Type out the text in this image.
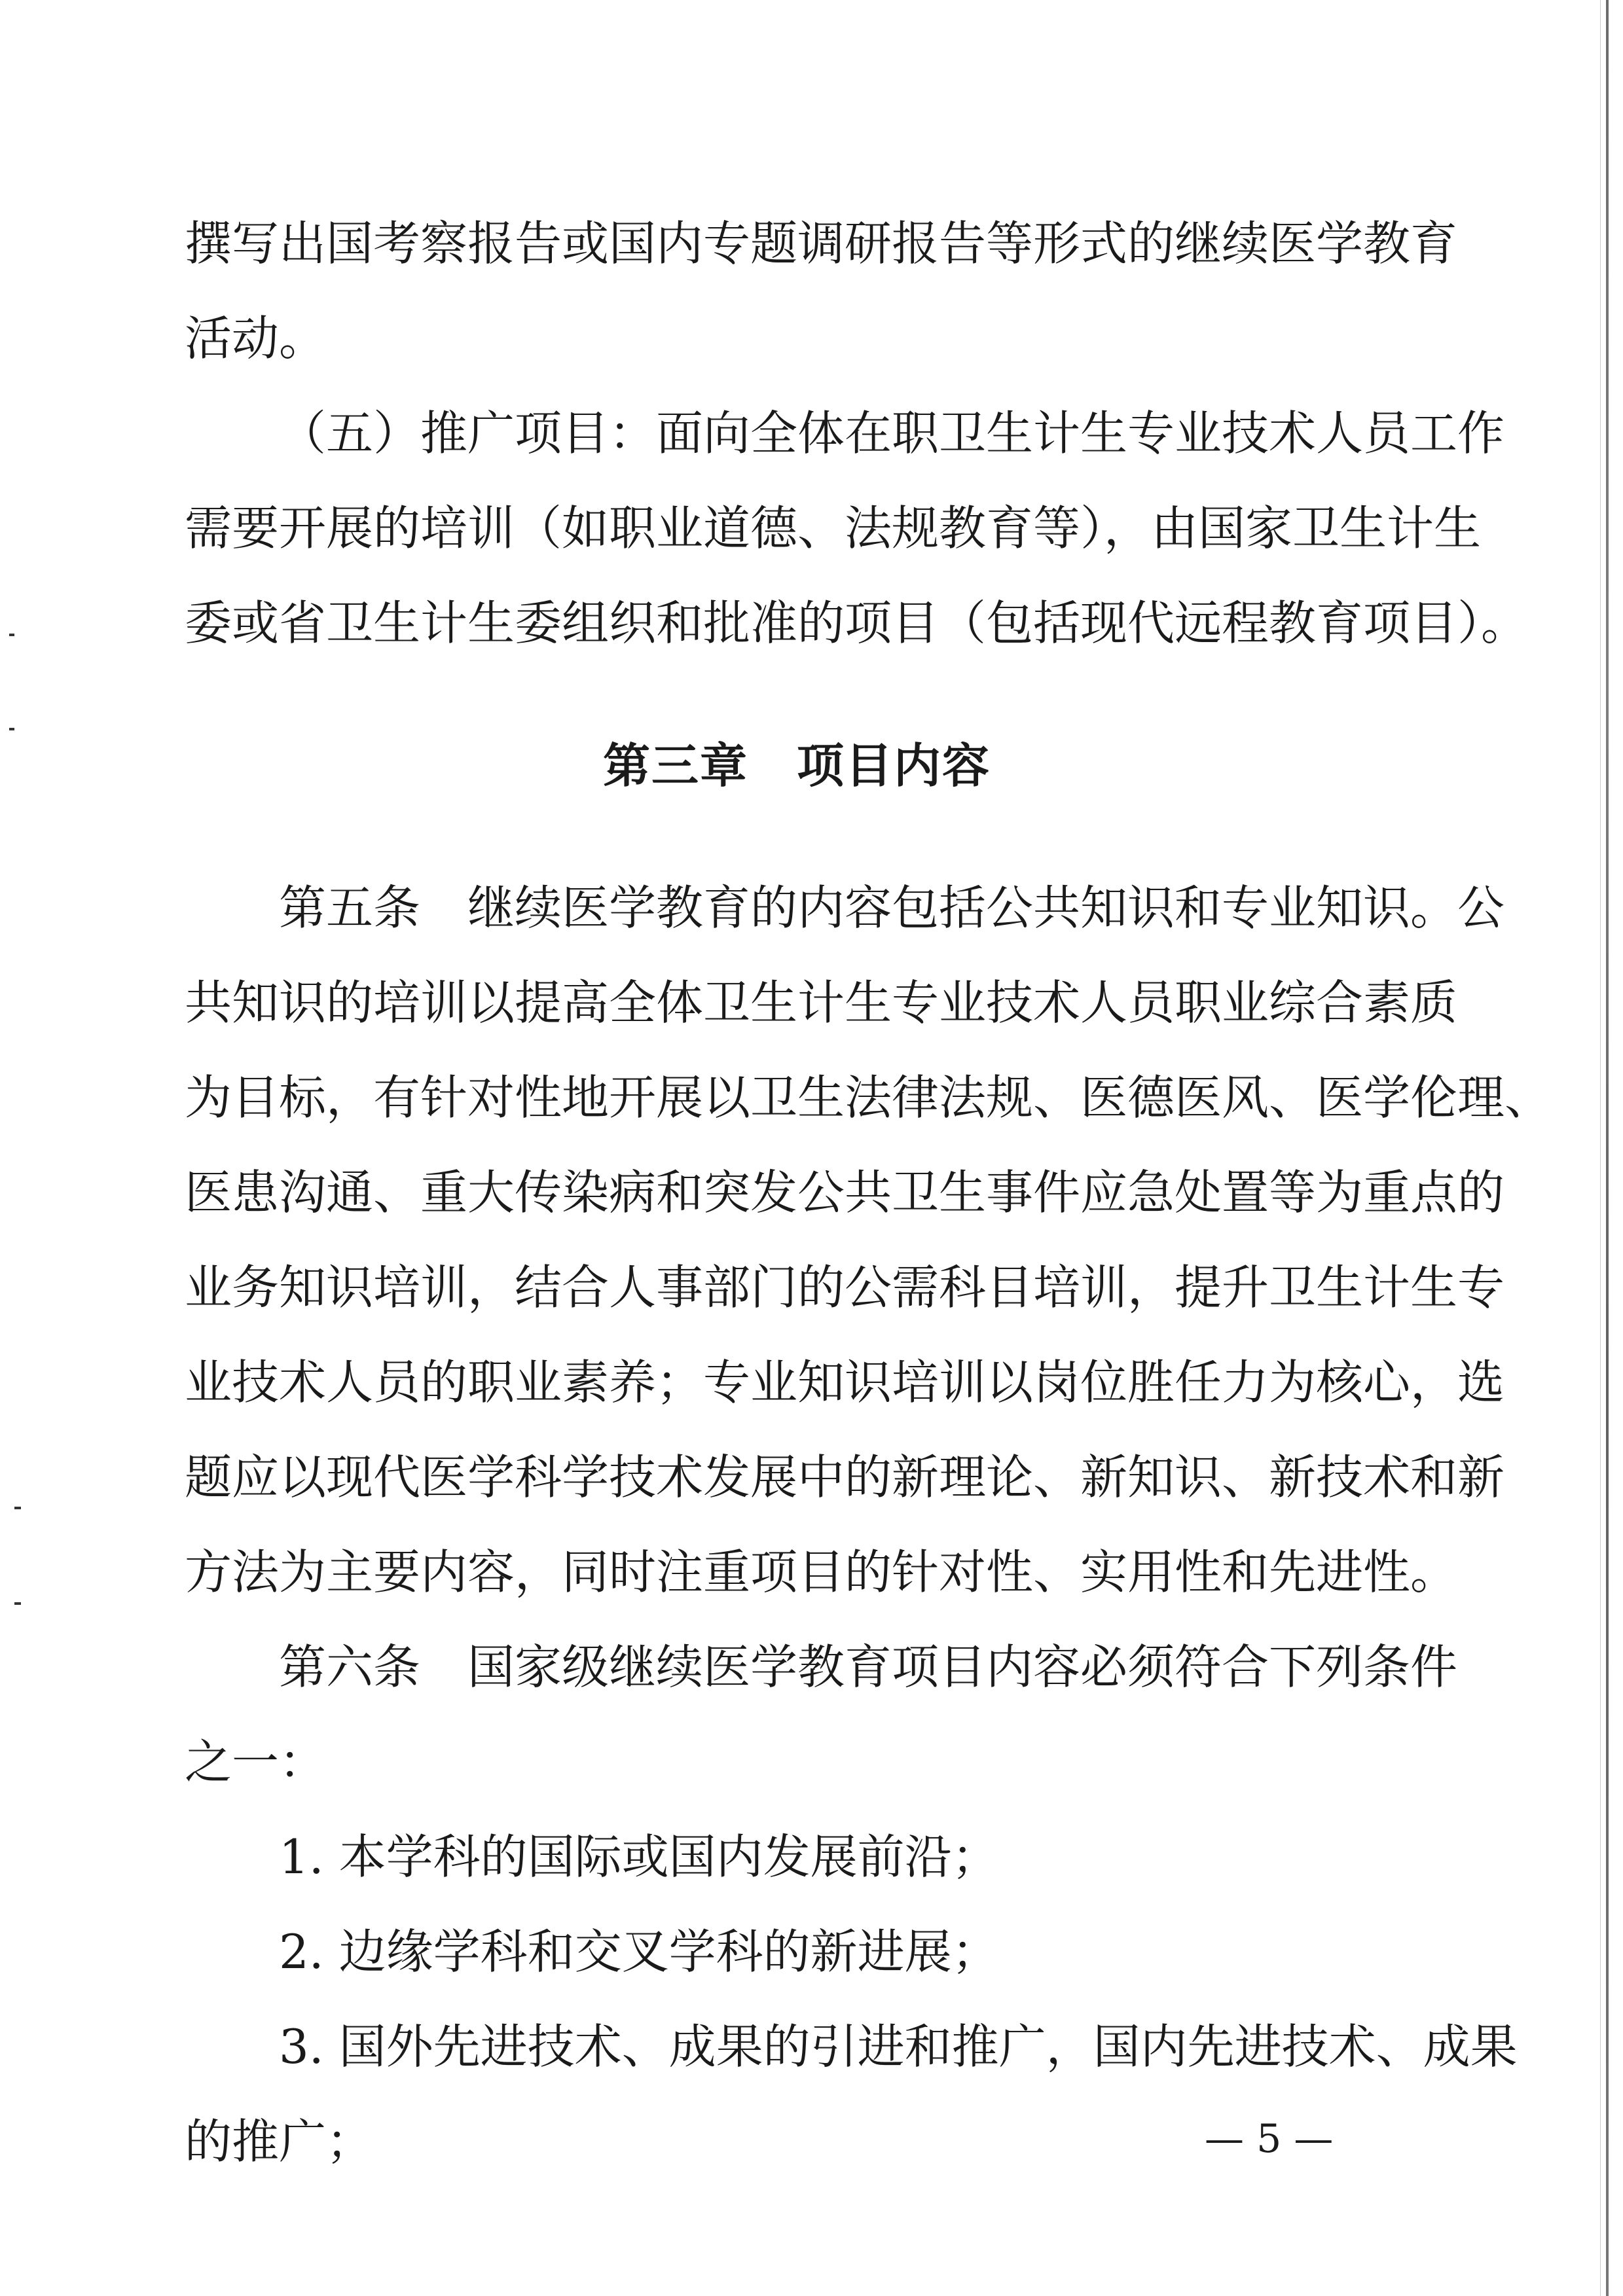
撰写出国考察报告或国内专题调研报告等形式的继续医学教育
活动。
（五）推广项目：面向全体在职卫生计生专业技术人员工作
需要开展的培训（如职业道德、法规教育等），由国家卫生计生
委或省卫生计生委组织和批准的项目（包括现代远程教育项目）。
第三章　项目内容
第五条　继续医学教育的内容包括公共知识和专业知识。公
共知识的培训以提高全体卫生计生专业技术人员职业综合素质
为目标，有针对性地开展以卫生法律法规、医德医风、医学伦理、
医患沟通、重大传染病和突发公共卫生事件应急处置等为重点的
业务知识培训，结合人事部门的公需科目培训，提升卫生计生专
业技术人员的职业素养；专业知识培训以岗位胜任力为核心，选
题应以现代医学科学技术发展中的新理论、新知识、新技术和新
方法为主要内容，同时注重项目的针对性、实用性和先进性。
第六条　国家级继续医学教育项目内容必须符合下列条件
之一：
1. 本学科的国际或国内发展前沿；
2. 边缘学科和交叉学科的新进展；
3. 国外先进技术、成果的引进和推广，国内先进技术、成果
的推广；	— 5 —
